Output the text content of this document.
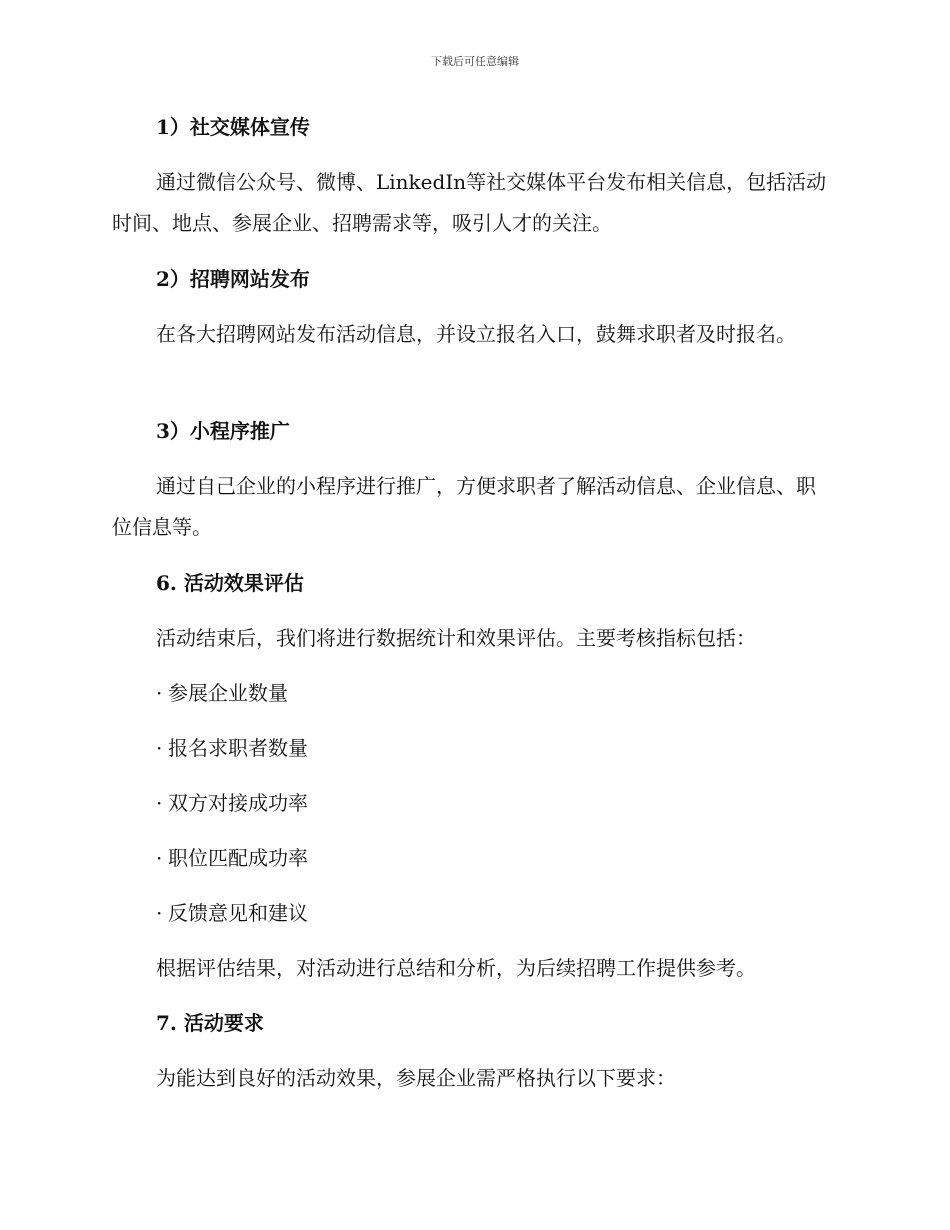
下载后可任意编辑
1）社交媒体宣传
通过微信公众号、微博、LinkedIn等社交媒体平台发布相关信息，包括活动时间、地点、参展企业、招聘需求等，吸引人才的关注。
2）招聘网站发布
在各大招聘网站发布活动信息，并设立报名入口，鼓舞求职者及时报名。
3）小程序推广
通过自己企业的小程序进行推广，方便求职者了解活动信息、企业信息、职位信息等。
6. 活动效果评估
活动结束后，我们将进行数据统计和效果评估。主要考核指标包括：
· 参展企业数量
· 报名求职者数量
· 双方对接成功率
· 职位匹配成功率
· 反馈意见和建议
根据评估结果，对活动进行总结和分析，为后续招聘工作提供参考。
7. 活动要求
为能达到良好的活动效果，参展企业需严格执行以下要求：
